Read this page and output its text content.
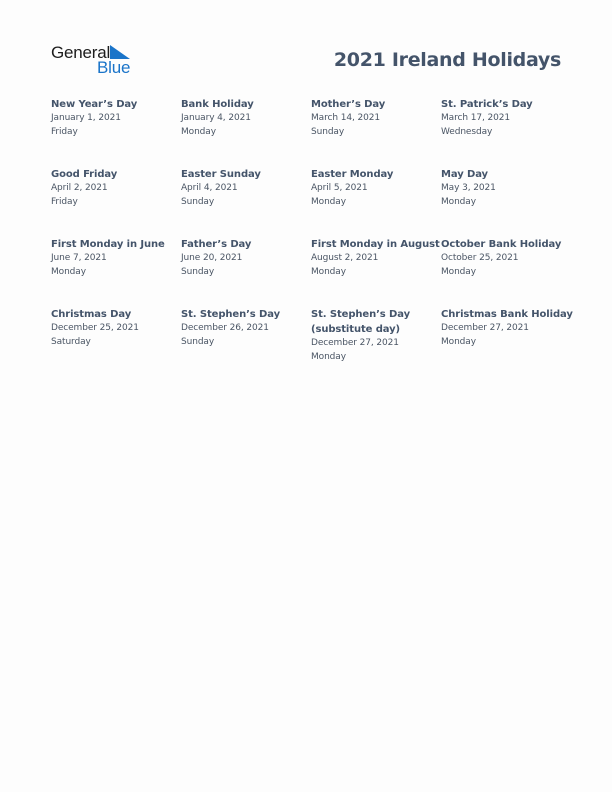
General
Blue	2021 Ireland Holidays
New Year’s Day
January 1, 2021
Friday
Bank Holiday
January 4, 2021
Monday
Mother’s Day
March 14, 2021
Sunday
St. Patrick’s Day
March 17, 2021
Wednesday
Good Friday
April 2, 2021
Friday
Easter Sunday
April 4, 2021
Sunday
Easter Monday
April 5, 2021
Monday
May Day
May 3, 2021
Monday
First Monday in June
June 7, 2021
Monday
Father’s Day
June 20, 2021
Sunday
First Monday in August
August 2, 2021
Monday
October Bank Holiday
October 25, 2021
Monday
Christmas Day
December 25, 2021
Saturday
St. Stephen’s Day
December 26, 2021
Sunday
St. Stephen’s Day (substitute day)
December 27, 2021
Monday
Christmas Bank Holiday
December 27, 2021
Monday
